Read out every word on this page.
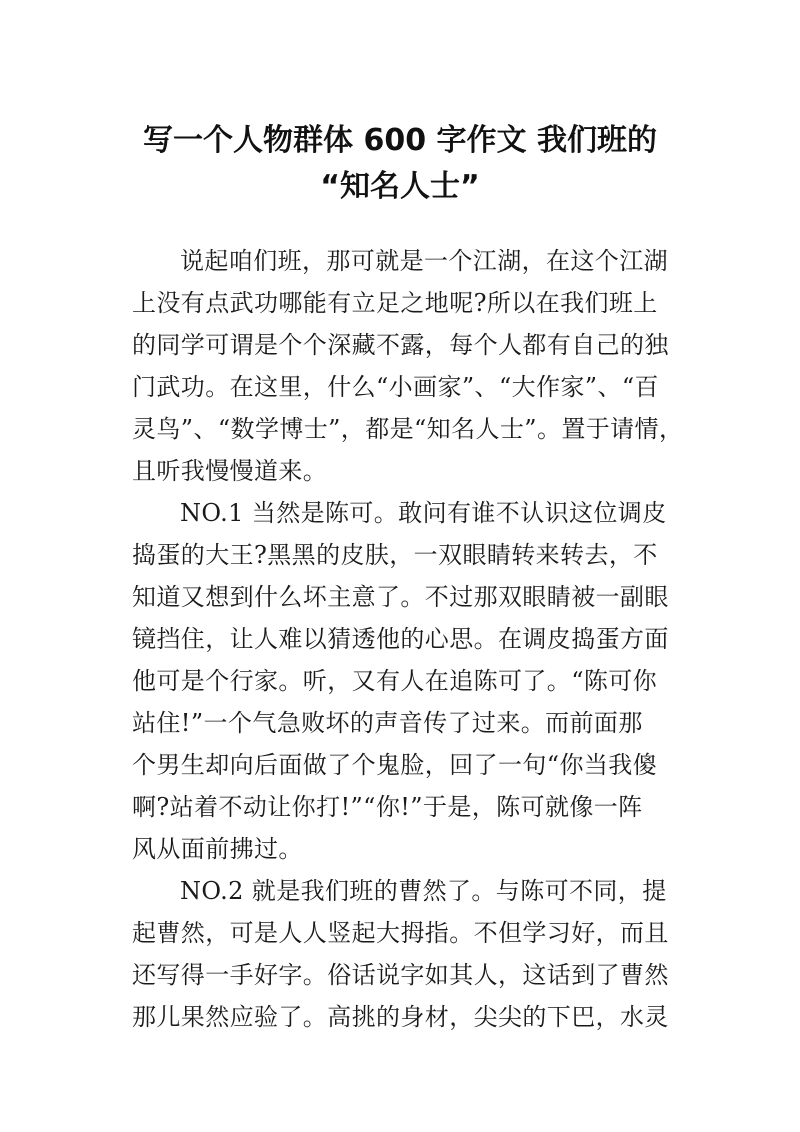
写一个人物群体 600 字作文 我们班的
“知名人士”
说起咱们班，那可就是一个江湖，在这个江湖
上没有点武功哪能有立足之地呢?所以在我们班上
的同学可谓是个个深藏不露，每个人都有自己的独
门武功。在这里，什么“小画家”、“大作家”、“百
灵鸟”、“数学博士”，都是“知名人士”。置于请情，
且听我慢慢道来。
NO.1 当然是陈可。敢问有谁不认识这位调皮
捣蛋的大王?黑黑的皮肤，一双眼睛转来转去，不
知道又想到什么坏主意了。不过那双眼睛被一副眼
镜挡住，让人难以猜透他的心思。在调皮捣蛋方面
他可是个行家。听，又有人在追陈可了。“陈可你
站住!”一个气急败坏的声音传了过来。而前面那
个男生却向后面做了个鬼脸，回了一句“你当我傻
啊?站着不动让你打!”“你!”于是，陈可就像一阵
风从面前拂过。
NO.2 就是我们班的曹然了。与陈可不同，提
起曹然，可是人人竖起大拇指。不但学习好，而且
还写得一手好字。俗话说字如其人，这话到了曹然
那儿果然应验了。高挑的身材，尖尖的下巴，水灵
